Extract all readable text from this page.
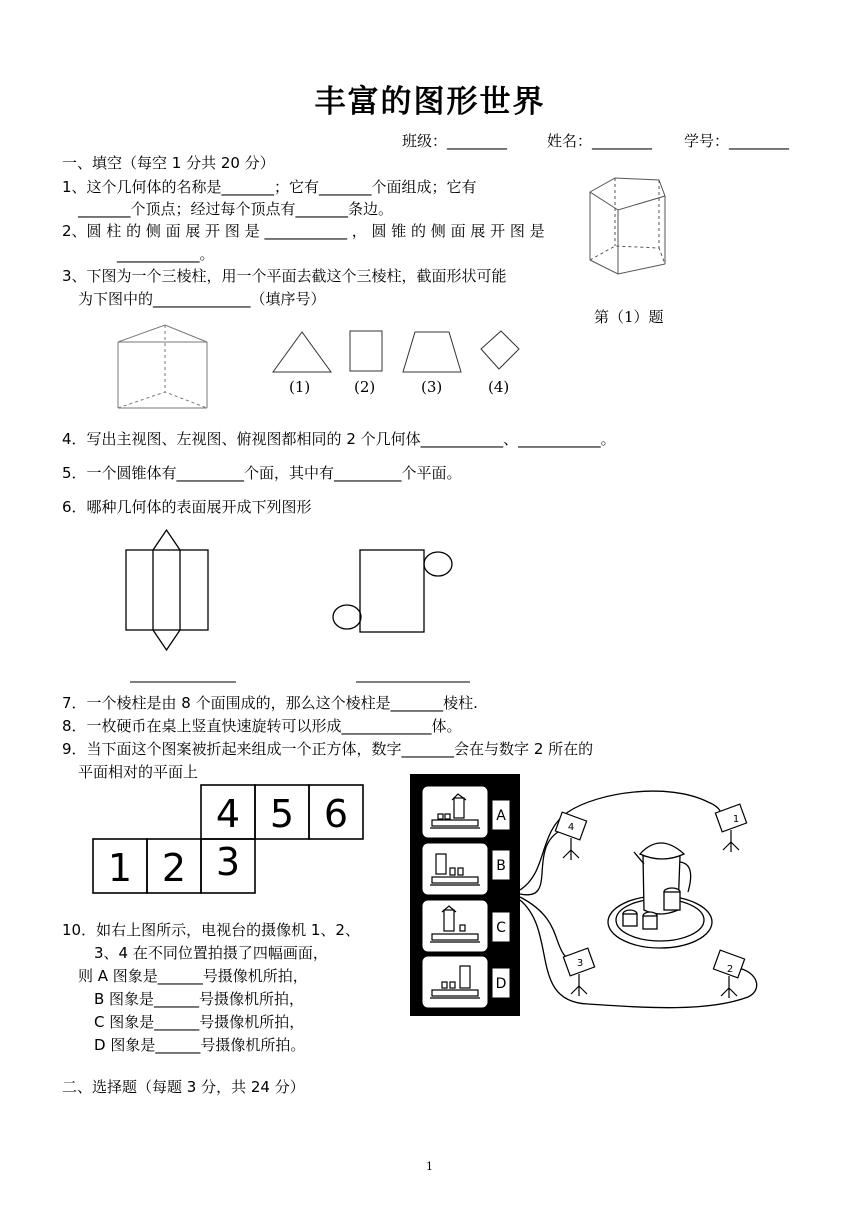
丰富的图形世界
班级：________	姓名：________ 学号：________
一、填空（每空 1 分共 20 分）
1、这个几何体的名称是_______；它有_______个面组成；它有
_______个顶点；经过每个顶点有_______条边。
2、圆 柱 的 侧 面 展 开 图 是 ___________ ， 圆 锥 的 侧 面 展 开 图 是
___________。
3、下图为一个三棱柱，用一个平面去截这个三棱柱，截面形状可能
为下图中的_____________（填序号）
第（1）题
(1)	(2)	(3)	(4)
4．写出主视图、左视图、俯视图都相同的 2 个几何体___________、___________。
5．一个圆锥体有_________个面，其中有_________个平面。
6．哪种几何体的表面展开成下列图形
7．一个棱柱是由 8 个面围成的，那么这个棱柱是_______棱柱.
8．一枚硬币在桌上竖直快速旋转可以形成____________体。
9．当下面这个图案被折起来组成一个正方体，数字_______会在与数字 2 所在的
平面相对的平面上
4 5 6
1 2 3
A
B
C
D
4
1
3
2
10．如右上图所示，电视台的摄像机 1、2、
3、4 在不同位置拍摄了四幅画面，
则 A 图象是______号摄像机所拍，
B 图象是______号摄像机所拍，
C 图象是______号摄像机所拍，
D 图象是______号摄像机所拍。
二、选择题（每题 3 分，共 24 分）
1
